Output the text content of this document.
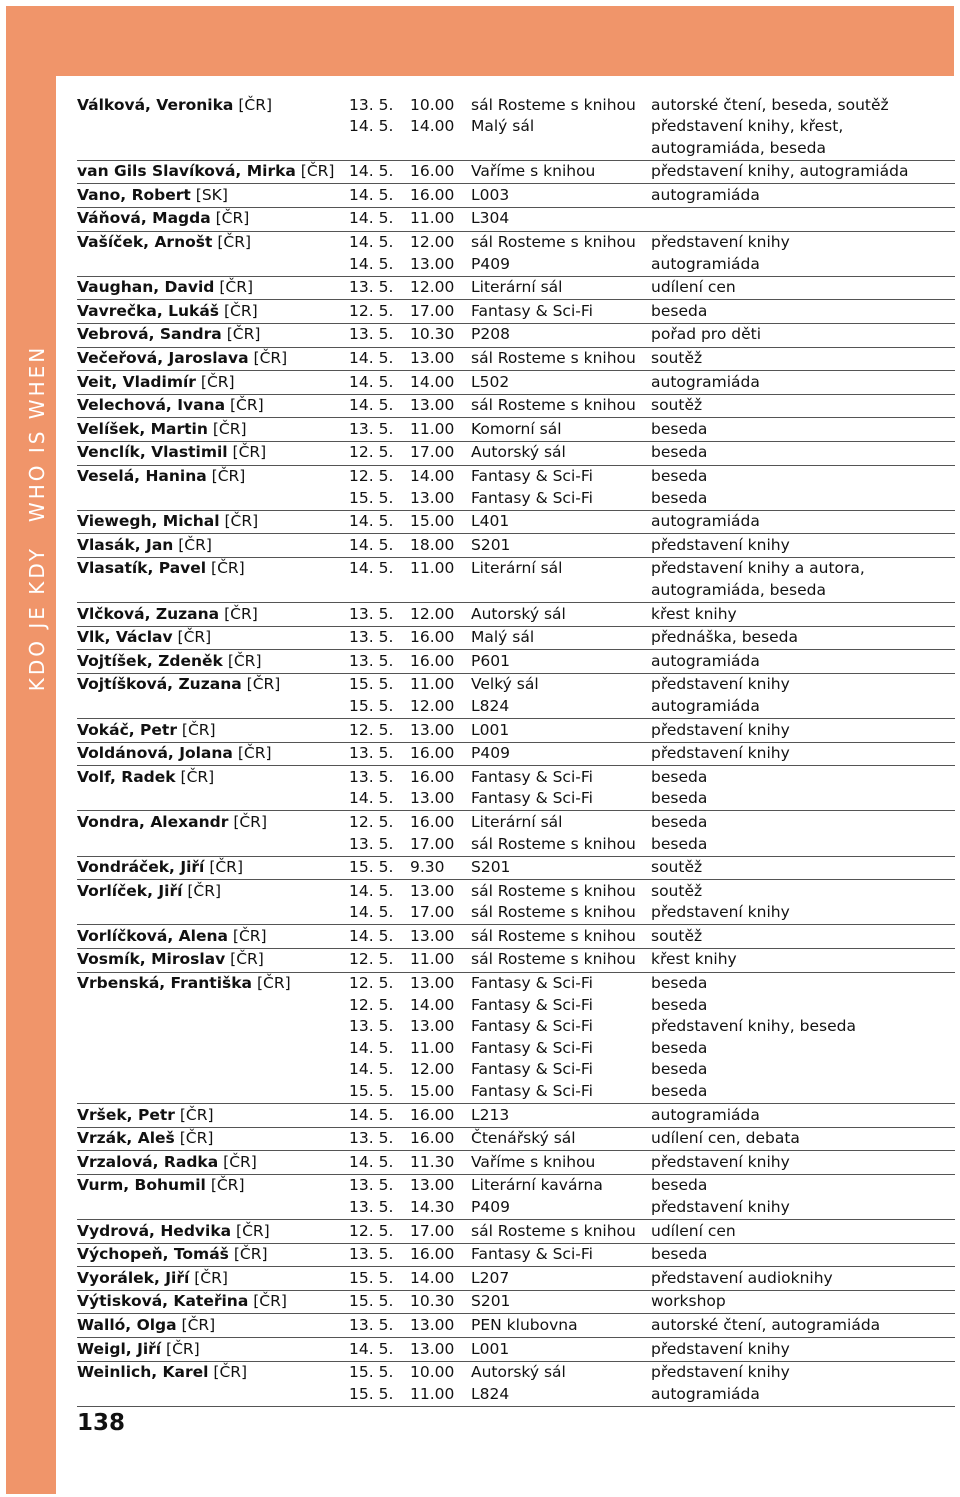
KDO JE KDYWHO IS WHEN
Válková, Veronika [ČR]	13. 5.	10.00	sál Rosteme s knihou	autorské čtení, beseda, soutěž
	14. 5.	14.00	Malý sál	představení knihy, křest,
				autogramiáda, beseda
van Gils Slavíková, Mirka [ČR]	14. 5.	16.00	Vaříme s knihou	představení knihy, autogramiáda
Vano, Robert [SK]	14. 5.	16.00	L003	autogramiáda
Váňová, Magda [ČR]	14. 5.	11.00	L304	
Vašíček, Arnošt [ČR]	14. 5.	12.00	sál Rosteme s knihou	představení knihy
	14. 5.	13.00	P409	autogramiáda
Vaughan, David [ČR]	13. 5.	12.00	Literární sál	udílení cen
Vavrečka, Lukáš [ČR]	12. 5.	17.00	Fantasy & Sci-Fi	beseda
Vebrová, Sandra [ČR]	13. 5.	10.30	P208	pořad pro děti
Večeřová, Jaroslava [ČR]	14. 5.	13.00	sál Rosteme s knihou	soutěž
Veit, Vladimír [ČR]	14. 5.	14.00	L502	autogramiáda
Velechová, Ivana [ČR]	14. 5.	13.00	sál Rosteme s knihou	soutěž
Velíšek, Martin [ČR]	13. 5.	11.00	Komorní sál	beseda
Venclík, Vlastimil [ČR]	12. 5.	17.00	Autorský sál	beseda
Veselá, Hanina [ČR]	12. 5.	14.00	Fantasy & Sci-Fi	beseda
	15. 5.	13.00	Fantasy & Sci-Fi	beseda
Viewegh, Michal [ČR]	14. 5.	15.00	L401	autogramiáda
Vlasák, Jan [ČR]	14. 5.	18.00	S201	představení knihy
Vlasatík, Pavel [ČR]	14. 5.	11.00	Literární sál	představení knihy a autora,
				autogramiáda, beseda
Vlčková, Zuzana [ČR]	13. 5.	12.00	Autorský sál	křest knihy
Vlk, Václav [ČR]	13. 5.	16.00	Malý sál	přednáška, beseda
Vojtíšek, Zdeněk [ČR]	13. 5.	16.00	P601	autogramiáda
Vojtíšková, Zuzana [ČR]	15. 5.	11.00	Velký sál	představení knihy
	15. 5.	12.00	L824	autogramiáda
Vokáč, Petr [ČR]	12. 5.	13.00	L001	představení knihy
Voldánová, Jolana [ČR]	13. 5.	16.00	P409	představení knihy
Volf, Radek [ČR]	13. 5.	16.00	Fantasy & Sci-Fi	beseda
	14. 5.	13.00	Fantasy & Sci-Fi	beseda
Vondra, Alexandr [ČR]	12. 5.	16.00	Literární sál	beseda
	13. 5.	17.00	sál Rosteme s knihou	beseda
Vondráček, Jiří [ČR]	15. 5.	9.30	S201	soutěž
Vorlíček, Jiří [ČR]	14. 5.	13.00	sál Rosteme s knihou	soutěž
	14. 5.	17.00	sál Rosteme s knihou	představení knihy
Vorlíčková, Alena [ČR]	14. 5.	13.00	sál Rosteme s knihou	soutěž
Vosmík, Miroslav [ČR]	12. 5.	11.00	sál Rosteme s knihou	křest knihy
Vrbenská, Františka [ČR]	12. 5.	13.00	Fantasy & Sci-Fi	beseda
	12. 5.	14.00	Fantasy & Sci-Fi	beseda
	13. 5.	13.00	Fantasy & Sci-Fi	představení knihy, beseda
	14. 5.	11.00	Fantasy & Sci-Fi	beseda
	14. 5.	12.00	Fantasy & Sci-Fi	beseda
	15. 5.	15.00	Fantasy & Sci-Fi	beseda
Vršek, Petr [ČR]	14. 5.	16.00	L213	autogramiáda
Vrzák, Aleš [ČR]	13. 5.	16.00	Čtenářský sál	udílení cen, debata
Vrzalová, Radka [ČR]	14. 5.	11.30	Vaříme s knihou	představení knihy
Vurm, Bohumil [ČR]	13. 5.	13.00	Literární kavárna	beseda
	13. 5.	14.30	P409	představení knihy
Vydrová, Hedvika [ČR]	12. 5.	17.00	sál Rosteme s knihou	udílení cen
Výchopeň, Tomáš [ČR]	13. 5.	16.00	Fantasy & Sci-Fi	beseda
Vyorálek, Jiří [ČR]	15. 5.	14.00	L207	představení audioknihy
Výtisková, Kateřina [ČR]	15. 5.	10.30	S201	workshop
Walló, Olga [ČR]	13. 5.	13.00	PEN klubovna	autorské čtení, autogramiáda
Weigl, Jiří [ČR]	14. 5.	13.00	L001	představení knihy
Weinlich, Karel [ČR]	15. 5.	10.00	Autorský sál	představení knihy
	15. 5.	11.00	L824	autogramiáda
138
